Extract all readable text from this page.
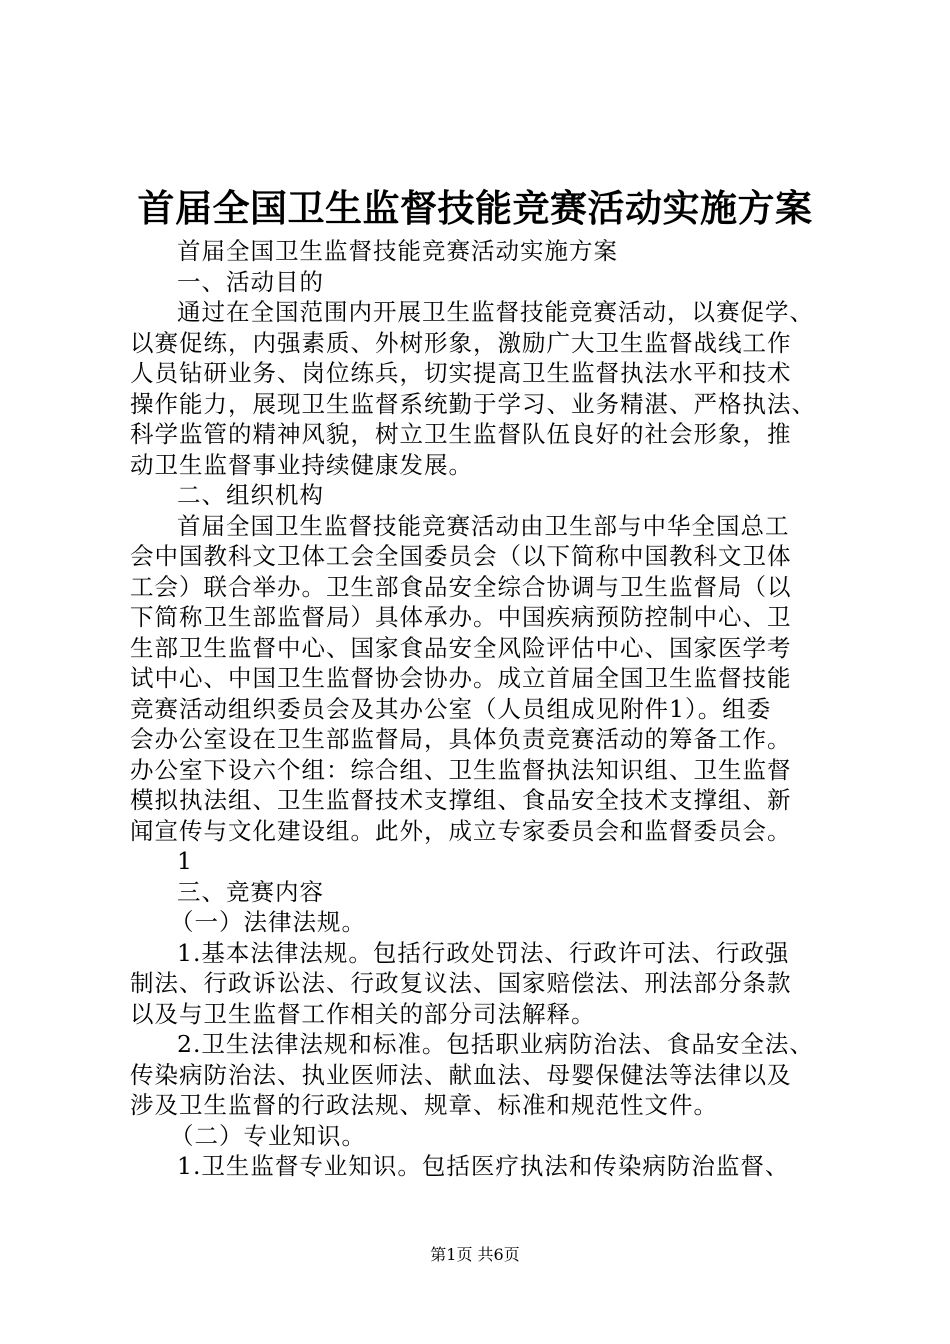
首届全国卫生监督技能竞赛活动实施方案
首届全国卫生监督技能竞赛活动实施方案
一、活动目的
通过在全国范围内开展卫生监督技能竞赛活动，以赛促学、
以赛促练，内强素质、外树形象，激励广大卫生监督战线工作
人员钻研业务、岗位练兵，切实提高卫生监督执法水平和技术
操作能力，展现卫生监督系统勤于学习、业务精湛、严格执法、
科学监管的精神风貌，树立卫生监督队伍良好的社会形象，推
动卫生监督事业持续健康发展。
二、组织机构
首届全国卫生监督技能竞赛活动由卫生部与中华全国总工
会中国教科文卫体工会全国委员会（以下简称中国教科文卫体
工会）联合举办。卫生部食品安全综合协调与卫生监督局（以
下简称卫生部监督局）具体承办。中国疾病预防控制中心、卫
生部卫生监督中心、国家食品安全风险评估中心、国家医学考
试中心、中国卫生监督协会协办。成立首届全国卫生监督技能
竞赛活动组织委员会及其办公室（人员组成见附件1）。组委
会办公室设在卫生部监督局，具体负责竞赛活动的筹备工作。
办公室下设六个组：综合组、卫生监督执法知识组、卫生监督
模拟执法组、卫生监督技术支撑组、食品安全技术支撑组、新
闻宣传与文化建设组。此外，成立专家委员会和监督委员会。
1
三、竞赛内容
（一）法律法规。
1.基本法律法规。包括行政处罚法、行政许可法、行政强
制法、行政诉讼法、行政复议法、国家赔偿法、刑法部分条款
以及与卫生监督工作相关的部分司法解释。
2.卫生法律法规和标准。包括职业病防治法、食品安全法、
传染病防治法、执业医师法、献血法、母婴保健法等法律以及
涉及卫生监督的行政法规、规章、标准和规范性文件。
（二）专业知识。
1.卫生监督专业知识。包括医疗执法和传染病防治监督、
第1页 共6页
